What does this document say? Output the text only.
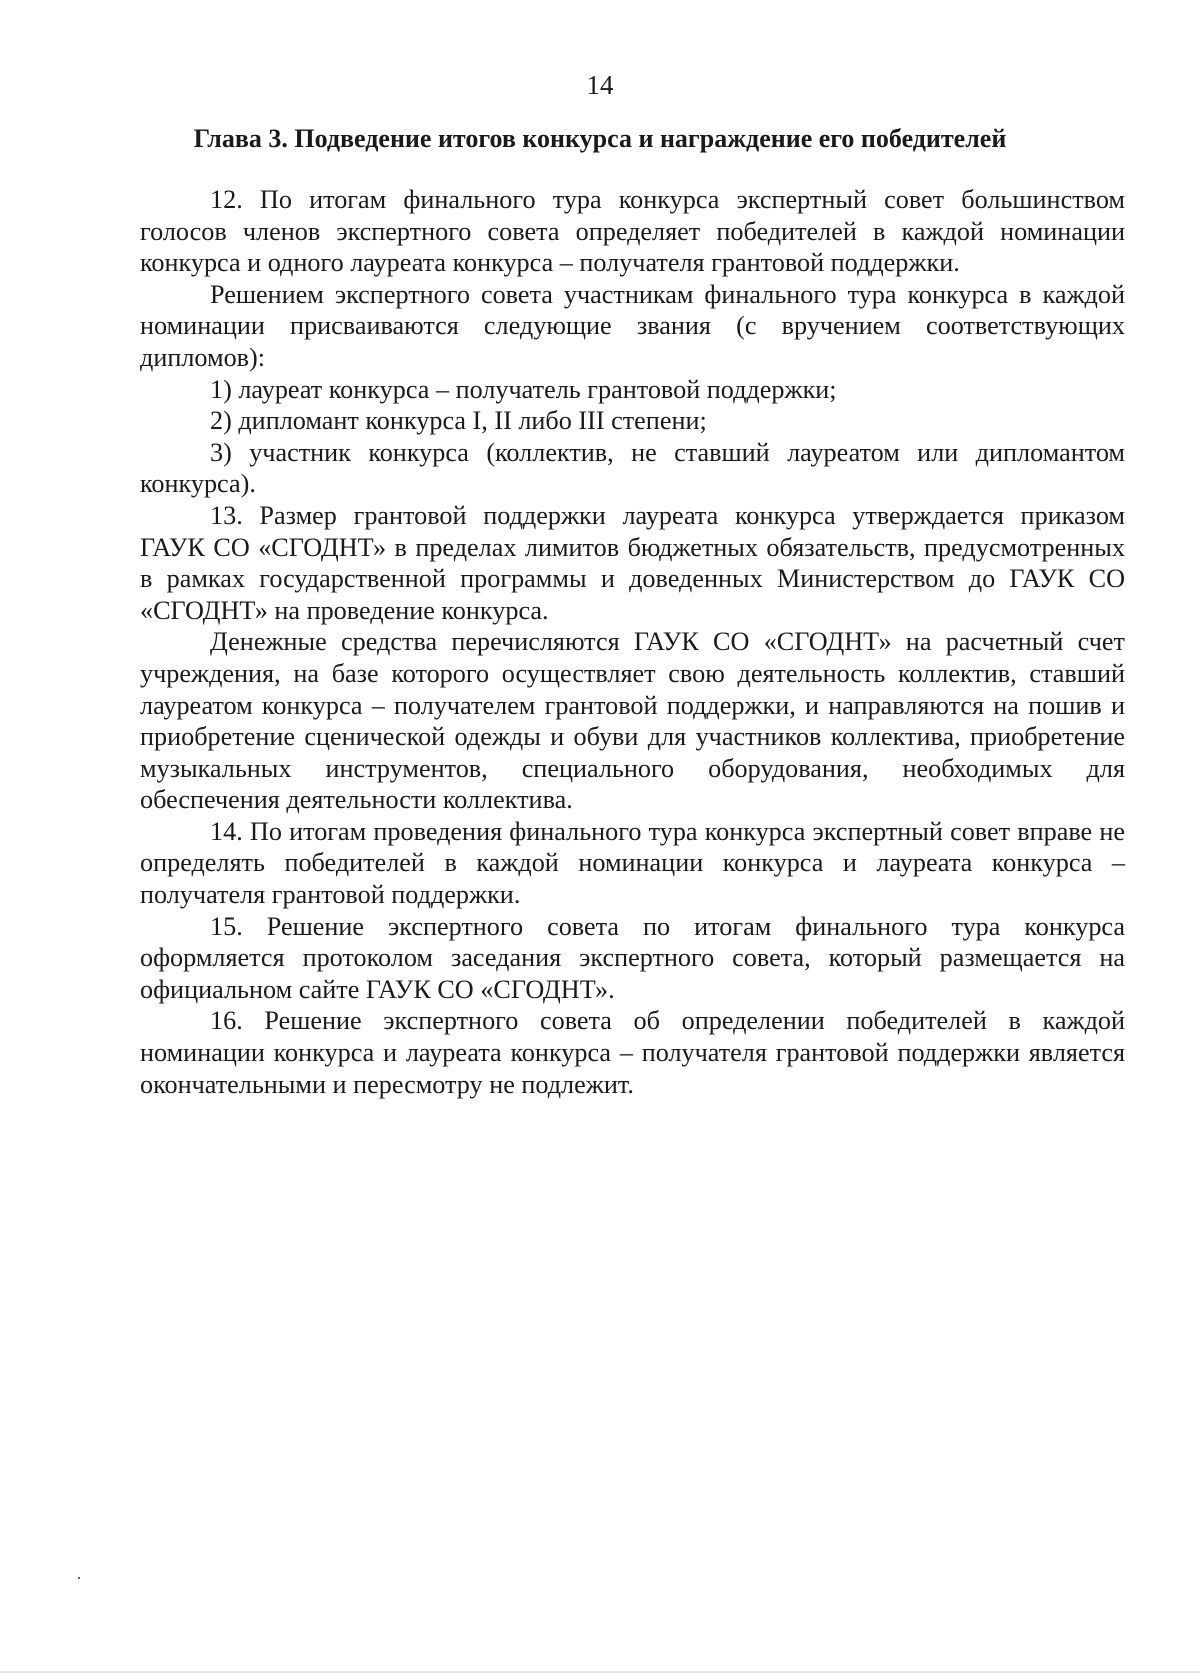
14
Глава 3. Подведение итогов конкурса и награждение его победителей

12. По итогам финального тура конкурса экспертный совет большинством голосов членов экспертного совета определяет победителей в каждой номинации конкурса и одного лауреата конкурса – получателя грантовой поддержки.

Решением экспертного совета участникам финального тура конкурса в каждой номинации присваиваются следующие звания (с вручением соответствующих дипломов):

1) лауреат конкурса – получатель грантовой поддержки;

2) дипломант конкурса I, II либо III степени;

3) участник конкурса (коллектив, не ставший лауреатом или дипломантом конкурса).

13. Размер грантовой поддержки лауреата конкурса утверждается приказом ГАУК СО «СГОДНТ» в пределах лимитов бюджетных обязательств, предусмотренных в рамках государственной программы и доведенных Министерством до ГАУК СО «СГОДНТ» на проведение конкурса.

Денежные средства перечисляются ГАУК СО «СГОДНТ» на расчетный счет учреждения, на базе которого осуществляет свою деятельность коллектив, ставший лауреатом конкурса – получателем грантовой поддержки, и направляются на пошив и приобретение сценической одежды и обуви для участников коллектива, приобретение музыкальных инструментов, специального оборудования, необходимых для обеспечения деятельности коллектива.

14. По итогам проведения финального тура конкурса экспертный совет вправе не определять победителей в каждой номинации конкурса и лауреата конкурса – получателя грантовой поддержки.

15. Решение экспертного совета по итогам финального тура конкурса оформляется протоколом заседания экспертного совета, который размещается на официальном сайте ГАУК СО «СГОДНТ».

16. Решение экспертного совета об определении победителей в каждой номинации конкурса и лауреата конкурса – получателя грантовой поддержки является окончательными и пересмотру не подлежит.
